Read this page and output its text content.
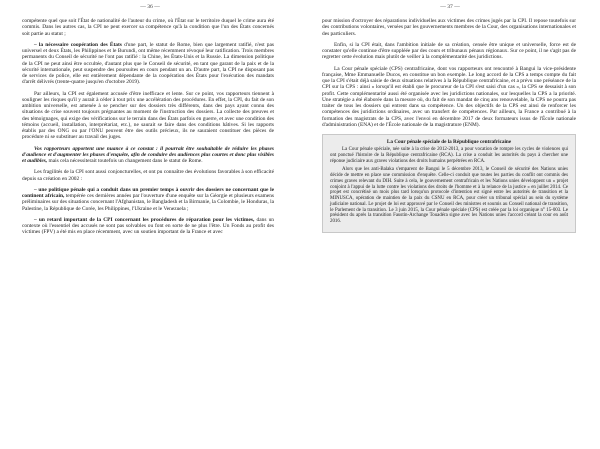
— 36 —

compétente quel que soit l'État de nationalité de l'auteur du crime, où l'État sur le territoire duquel le crime aura été commis. Dans les autres cas, la CPI ne peut exercer sa compétence qu'à la condition que l'un des États concernés soit partie au statut ;

– la nécessaire coopération des États d'une part, le statut de Rome, bien que largement ratifié, n'est pas universel et deux États, les Philippines et le Burundi, ont même récemment révoqué leur ratification. Trois membres permanents du Conseil de sécurité ne l'ont pas ratifié : la Chine, les États-Unis et la Russie. La dimension politique de la CPI ne peut ainsi être occultée, d'autant plus que le Conseil de sécurité, en tant que garant de la paix et de la sécurité internationale, peut suspendre des poursuites en cours pendant un an. D'autre part, la CPI ne disposant pas de services de police, elle est entièrement dépendante de la coopération des États pour l'exécution des mandats d'arrêt délivrés (trente-quatre jusqu'en d'octobre 2019).

Par ailleurs, la CPI est également accusée d'être inefficace et lente. Sur ce point, vos rapporteurs tiennent à souligner les risques qu'il y aurait à céder à tout prix une accélération des procédures. En effet, la CPI, du fait de son ambition universelle, est amenée à se pencher sur des dossiers très différents, dans des pays ayant connu des situations de crise souvent toujours prégnantes au moment de l'instruction des dossiers. La collecte des preuves et des témoignages, qui exige des vérifications sur le terrain dans des États parfois en guerre, et avec une condition des témoins (accueil, installation, interprétariat, etc.), ne saurait se faire dans des conditions hâtives. Si les rapports établis par des ONG ou par l'ONU peuvent être des outils précieux, ils ne sauraient constituer des pièces de procédure ni se substituer au travail des juges.

Vos rapporteurs apportent une nuance à ce constat : il pourrait être souhaitable de réduire les phases d'audience et d'augmenter les phases d'enquête, afin de conduire des audiences plus courtes et donc plus visibles et audibles, mais cela nécessiterait toutefois un changement dans le statut de Rome.

Les fragilités de la CPI sont aussi conjoncturelles, et ont pu connaître des évolutions favorables à son efficacité depuis sa création en 2002 :

– une politique pénale qui a conduit dans un premier temps à ouvrir des dossiers ne concernant que le continent africain, tempérée ces dernières années par l'ouverture d'une enquête sur la Géorgie et plusieurs examens préliminaires sur des situations concernant l'Afghanistan, le Bangladesh et la Birmanie, la Colombie, le Honduras, la Palestine, la République de Corée, les Philippines, l'Ukraine et le Venezuela ;

– un retard important de la CPI concernant les procédures de réparation pour les victimes, dans un contexte où l'essentiel des accusés ne sont pas solvables ou font en sorte de ne plus l'être. Un Fonds au profit des victimes (FPV) a été mis en place récemment, avec un soutien important de la France et avec

— 37 —

pour mission d'octroyer des réparations individuelles aux victimes des crimes jugés par la CPI. Il repose toutefois sur des contributions volontaires, versées par les gouvernements membres de la Cour, des organisations internationales et des particuliers.

Enfin, si la CPI était, dans l'ambition initiale de sa création, censée être unique et universelle, force est de constater qu'elle continue d'être suppléée par des cours et tribunaux pénaux régionaux. Sur ce point, il ne s'agit pas de regretter cette évolution mais plutôt de veiller à la complémentarité des juridictions.

La Cour pénale spéciale (CPS) centrafricaine, dont vos rapporteurs ont rencontré à Bangui la vice-présidente française, Mme Emmanuelle Ducos, en constitue un bon exemple. Le long accord de la CPS a temps compte du fait que la CPI s'était déjà saisie de deux situations relatives à la République centrafricaine, et a prévu une préséance de la CPI sur la CPS : ainsi « lorsqu'il est établi que le procureur de la CPI s'est saisi d'un cas », la CPS se dessaisit à son profit. Cette complémentarité aussi été organisée avec les juridictions nationales, sur lesquelles la CPS a la priorité. Une stratégie a été élaborée dans la mesure où, du fait de son mandat de cinq ans renouvelable, la CPS ne pourra pas traiter de tous les dossiers qui entrent dans sa compétence. Un des objectifs de la CPS est ainsi de renforcer les compétences des juridictions ordinaires, avec un transfert de compétences. Par ailleurs, la France a contribué à la formation des magistrats de la CPS, avec l'envoi en décembre 2017 de deux formateurs issus de l'École nationale d'administration (ENA) et de l'École nationale de la magistrature (ENM).

La Cour pénale spéciale de la République centrafricaine

La Cour pénale spéciale, née suite à la crise de 2012-2013, a pour vocation de rompre les cycles de violences qui ont ponctué l'histoire de la République centrafricaine (RCA). La crise a conduit les autorités du pays à chercher une réponse judiciaire aux graves violations des droits humains perpétrées en RCA.

Alors que les anti-Balaka s'emparent de Bangui le 5 décembre 2013, le Conseil de sécurité des Nations unies décide de mettre en place une commission d'enquête. Celle-ci conduit que toutes les parties du conflit ont commis des crimes graves relevant du DIH. Suite à cela, le gouvernement centrafricain et les Nations unies développent un « projet conjoint à l'appui de la lutte contre les violations des droits de l'homme et à la relance de la justice » en juillet 2014. Ce projet est concrétisé un mois plus tard lorsqu'un protocole d'intention est signé entre les autorités de transition et la MINUSCA, opération de maintien de la paix du CSNU en RCA, pour créer un tribunal spécial au sein du système judiciaire national. Le projet de loi est approuvé par le Conseil des ministres et soumis au Conseil national de transition, le Parlement de la transition. Le 3 juin 2015, la Cour pénale spéciale (CPS) est créée par la loi organique n° 15-003. Le président du après la transition Faustin-Archange Touadéra signe avec les Nations unies l'accord créant la cour en août 2016.
